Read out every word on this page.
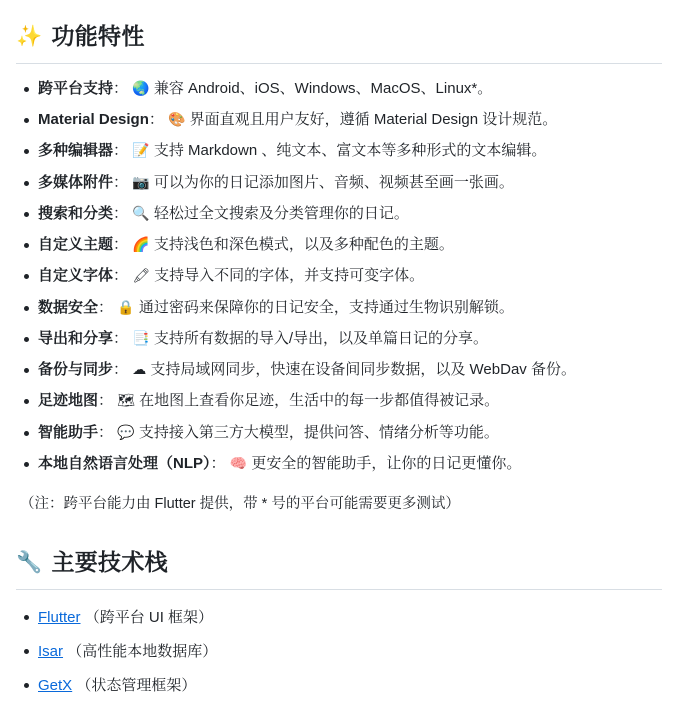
✨ 功能特性
跨平台支持： 🌏 兼容 Android、iOS、Windows、MacOS、Linux*。
Material Design： 🎨 界面直观且用户友好，遵循 Material Design 设计规范。
多种编辑器： 📝 支持 Markdown 、纯文本、富文本等多种形式的文本编辑。
多媒体附件： 📷 可以为你的日记添加图片、音频、视频甚至画一张画。
搜索和分类： 🔍 轻松过全文搜索及分类管理你的日记。
自定义主题： 🌈 支持浅色和深色模式，以及多种配色的主题。
自定义字体： 🖍 支持导入不同的字体，并支持可变字体。
数据安全： 🔒 通过密码来保障你的日记安全，支持通过生物识别解锁。
导出和分享： 📑 支持所有数据的导入/导出，以及单篇日记的分享。
备份与同步： ☁ 支持局域网同步，快速在设备间同步数据，以及 WebDav 备份。
足迹地图： 🗺 在地图上查看你足迹，生活中的每一步都值得被记录。
智能助手： 💬 支持接入第三方大模型，提供问答、情绪分析等功能。
本地自然语言处理（NLP）： 🧠 更安全的智能助手，让你的日记更懂你。

（注：跨平台能力由 Flutter 提供，带 * 号的平台可能需要更多测试）

🔧 主要技术栈
Flutter （跨平台 UI 框架）
Isar （高性能本地数据库）
GetX （状态管理框架）
